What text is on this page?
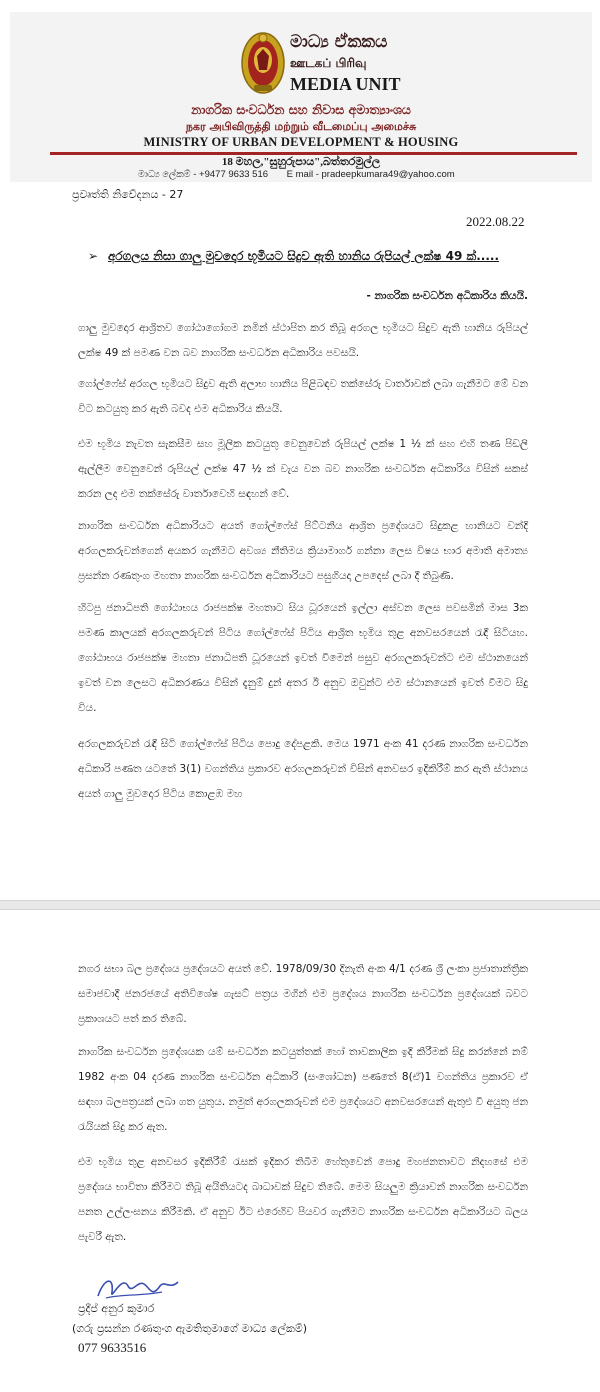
මාධ්‍ය ඒකකය
ஊடகப் பிரிவு
MEDIA UNIT
නාගරික සංවර්ධන සහ නිවාස අමාත්‍යාංශය
நகர அபிவிருத்தி மற்றும் வீடமைப்பு அமைச்சு
MINISTRY OF URBAN DEVELOPMENT & HOUSING
18 මහල,"සුහුරුපාය",බත්තරමුල්ල
මාධ්‍ය ලේකම් - +9477 9633 516 E mail - pradeepkumara49@yahoo.com
ප්‍රවෘත්ති නිවේදනය - 27
2022.08.22
➢ අරගලය නිසා ගාලු මුවදොර භූමියට සිදුව ඇති හානිය රුපියල් ලක්ෂ 49 ක්.....
- නාගරික සංවර්ධන අධිකාරිය කියයි.
ගාලු මුවදොර ආශ්‍රිතව ගෝඨාගෝගම නමින් ස්ථාපිත කර තිබූ අරගල භූමියට සිදුව ඇති හානිය රුපියල් ලක්ෂ 49 ක් පමණ වන බව නාගරික සංවර්ධන අධිකාරිය පවසයි.
ගෝල්ෆේස් අරගල භූමියට සිදුව ඇති අලාභ හානිය පිළිබඳව තක්සේරු වාර්තාවක් ලබා ගැනීමට මේ වන විට කටයුතු කර ඇති බවද එම අධිකාරිය කියයි.
එම භූමිය නැවත සැකසීම සහ මූලික කටයුතු වෙනුවෙන් රුපියල් ලක්ෂ 1 ½ ක් සහ එහි තණ පිඩලි ඇල්ලීම වෙනුවෙන් රුපියල් ලක්ෂ 47 ½ ක් වැය වන බව නාගරික සංවර්ධන අධිකාරිය විසින් සකස් කරන ලද එම තක්සේරු වාර්තාවෙහි සඳහන් වේ.
නාගරික සංවර්ධන අධිකාරියට අයත් ගෝල්ෆේස් පිට්ටනිය ආශ්‍රිත ප්‍රදේශයට සිදුකළ හානියට වන්දි අරගලකරුවන්ගෙන් අයකර ගැනීමට අවශ්‍ය නීතිමය ක්‍රියාමාර්ග ගන්නා ලෙස විෂය භාර අමාති අමාත්‍ය ප්‍රසන්න රණතුංග මහතා නාගරික සංවර්ධන අධිකාරියට පසුගියදා උපදෙස් ලබා දී තිබුණි.
හිටපු ජනාධිපති ගෝඨාභය රාජපක්ෂ මහතාට සිය ධූරයෙන් ඉල්ලා අස්වන ලෙස පවසමින් මාස 3ක පමණ කාලයක් අරගලකරුවන් පිටිය ගෝල්ෆේස් පිටිය ආශ්‍රිත භූමිය තුළ අනවසරයෙන් රැඳී සිටියහ. ගෝඨාභය රාජපක්ෂ මහතා ජනාධිපති ධූරයෙන් ඉවත් වීමෙන් පසුව අරගලකරුවන්ට එම ස්ථානයෙන් ඉවත් වන ලෙසට අධිකරණය විසින් දැනුම් දුන් අතර ඊ අනුව ඔවුන්ට එම ස්ථානයෙන් ඉවත් වීමට සිදු විය.
අරගලකරුවන් රැඳී සිටි ගෝල්ෆේස් පිටිය පොදු දේපළකි. මෙය 1971 අංක 41 දරණ නාගරික සංවර්ධන අධිකාරි පණත යටතේ 3(1) වගන්තිය ප්‍රකාරව අරගලකරුවන් විසින් අනවසර ඉදිකිරීම් කර ඇති ස්ථානය අයත් ගාලු මුවදොර පිටිය කොළඹ මහ
නගර සභා බල ප්‍රදේශය ප්‍රදේශයට අයත් වේ. 1978/09/30 දිනැති අංක 4/1 දරණ ශ්‍රී ලංකා ප්‍රජාතාන්ත්‍රික සමාජවාදී ජනරජයේ අතිවිශේෂ ගැසට් පත්‍රය මගින් එම ප්‍රදේශය නාගරික සංවර්ධන ප්‍රදේශයක් බවට ප්‍රකාශයට පත් කර තිබේ.
නාගරික සංවර්ධන ප්‍රදේශයක යම් සංවර්ධන කටයුත්තක් හෝ තාවකාලික ඉදි කිරීමක් සිදු කරන්නේ නම් 1982 අංක 04 දරණ නාගරික සංවර්ධන අධිකාරි (සංශෝධන) පණතේ 8(ඒ)1 වගන්තිය ප්‍රකාරව ඒ සඳහා බලපත්‍රයක් ලබා ගත යුතුය. නමුත් අරගලකරුවන් එම ප්‍රදේශයට අනවසරයෙන් ඇතුළු වී අයුතු ජන රැයියක් සිදු කර ඇත.
එම භූමිය තුළ අනවසර ඉදිකිරීම් රැසක් ඉදිකර තිබීම හේතුවෙන් පොදු මහජනතාවට නිදහසේ එම ප්‍රදේශය භාවිතා කිරීමට තිබූ අයිතියටද බාධාවක් සිදුව තිබේ. මෙම සියලුම ක්‍රියාවන් නාගරික සංවර්ධන පනත උල්ලංඝනය කිරීමකි. ඒ අනුව ඊට එරෙහිව පියවර ගැනීමට නාගරික සංවර්ධන අධිකාරියට බලය පැවරී ඇත.
ප්‍රදීප් අනුර කුමාර
(ගරු ප්‍රසන්න රණතුංග ඇමතිතුමාගේ මාධ්‍ය ලේකම්)
077 9633516
